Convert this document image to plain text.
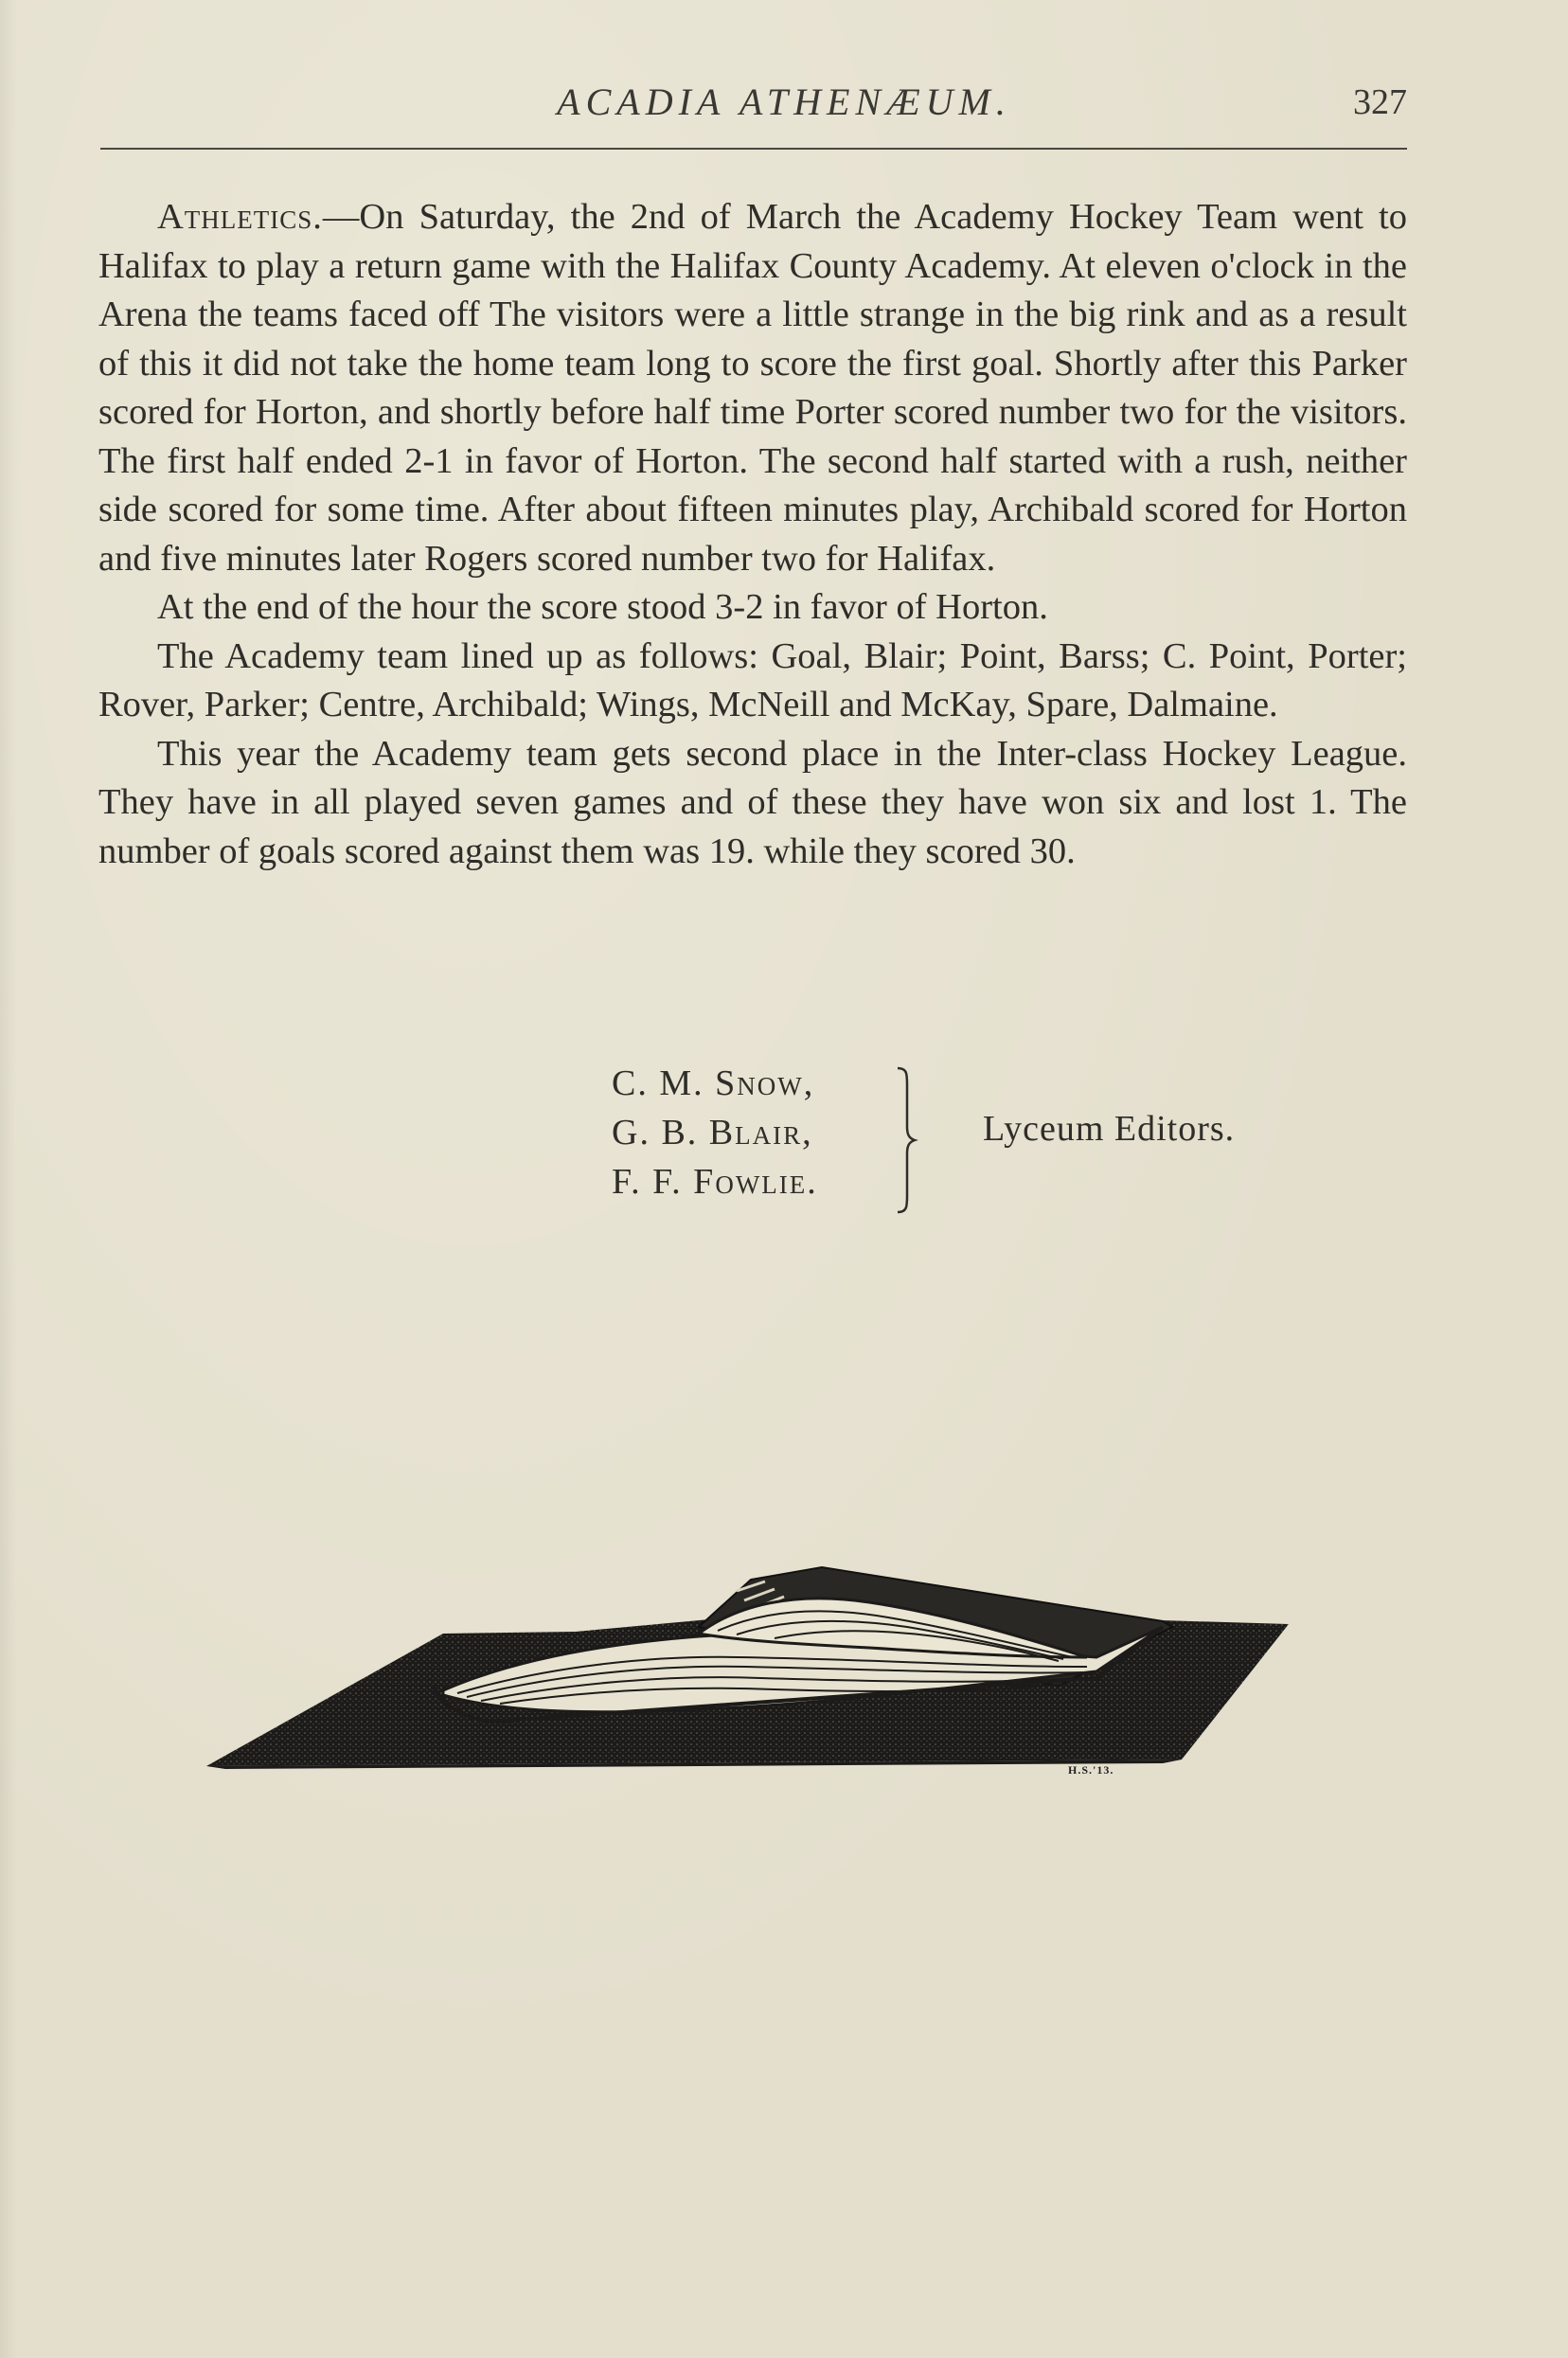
ACADIA ATHENÆUM.	327

Athletics.—On Saturday, the 2nd of March the Academy Hockey Team went to Halifax to play a return game with the Halifax County Academy. At eleven o'clock in the Arena the teams faced off The visitors were a little strange in the big rink and as a result of this it did not take the home team long to score the first goal. Shortly after this Parker scored for Horton, and shortly before half time Porter scored number two for the visitors. The first half ended 2-1 in favor of Horton. The second half started with a rush, neither side scored for some time. After about fifteen minutes play, Archibald scored for Horton and five minutes later Rogers scored number two for Halifax.

At the end of the hour the score stood 3-2 in favor of Horton.

The Academy team lined up as follows: Goal, Blair; Point, Barss; C. Point, Porter; Rover, Parker; Centre, Archibald; Wings, McNeill and McKay, Spare, Dalmaine.

This year the Academy team gets second place in the Inter-class Hockey League. They have in all played seven games and of these they have won six and lost 1. The number of goals scored against them was 19. while they scored 30.

C. M. Snow,
G. B. Blair,
F. F. Fowlie.
Lyceum Editors.
H.S.'13.
